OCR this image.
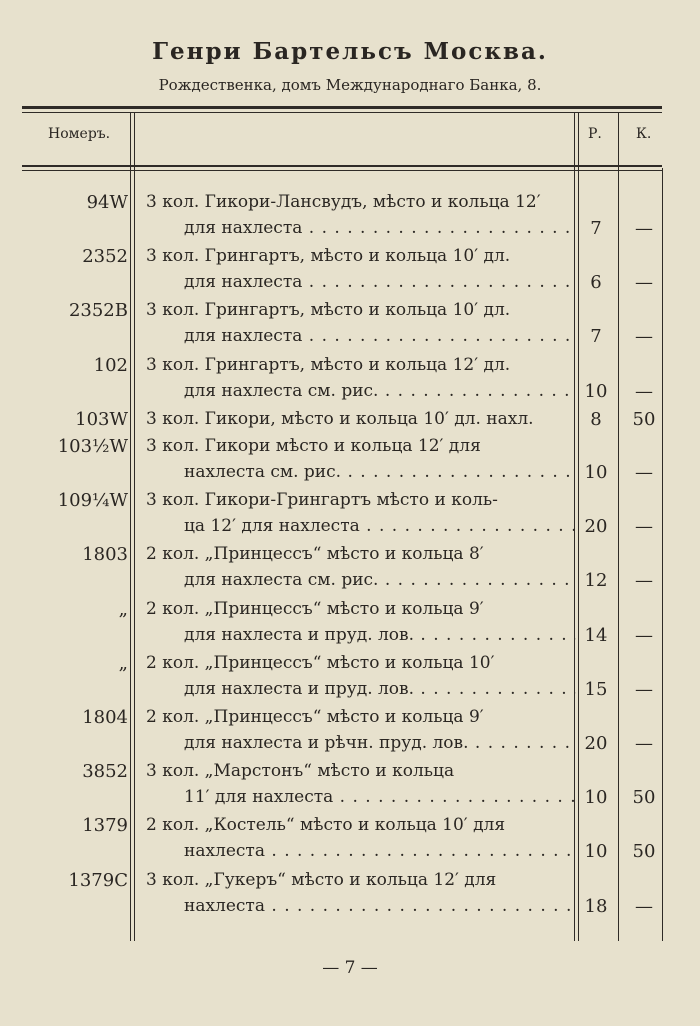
Генри Бартельсъ Москва.
Рождественка, домъ Международнаго Банка, 8.
Номеръ.	Р. К.
94W 3 кол. Гикори-Лансвудъ, мѣсто и кольца 12′
для нахлеста . . .	7	—
2352 3 кол. Грингартъ, мѣсто и кольца 10′ дл.
для нахлеста . . .	6	—
2352B 3 кол. Грингартъ, мѣсто и кольца 10′ дл.
для нахлеста . . .	7	—
102 3 кол. Грингартъ, мѣсто и кольца 12′ дл.
для нахлеста см. рис. . . .	10	—
103W 3 кол. Гикори, мѣсто и кольца 10′ дл. нахл.	8	50
103½W 3 кол. Гикори мѣсто и кольца 12′ для
нахлеста см. рис. . . .	10	—
109¼W 3 кол. Гикори-Грингартъ мѣсто и коль-
ца 12′ для нахлеста . . .	20	—
1803 2 кол. „Принцессъ“ мѣсто и кольца 8′
для нахлеста см. рис. . . .	12	—
„ 2 кол. „Принцессъ“ мѣсто и кольца 9′
для нахлеста и пруд. лов. . . .	14	—
„ 2 кол. „Принцессъ“ мѣсто и кольца 10′
для нахлеста и пруд. лов. . . .	15	—
1804 2 кол. „Принцессъ“ мѣсто и кольца 9′
для нахлеста и рѣчн. пруд. лов. . . .	20	—
3852 3 кол. „Марстонъ“ мѣсто и кольца
11′ для нахлеста . . .	10	50
1379 2 кол. „Костель“ мѣсто и кольца 10′ для
нахлеста . . .	10	50
1379C 3 кол. „Гукеръ“ мѣсто и кольца 12′ для
нахлеста . . .	18	—
— 7 —
